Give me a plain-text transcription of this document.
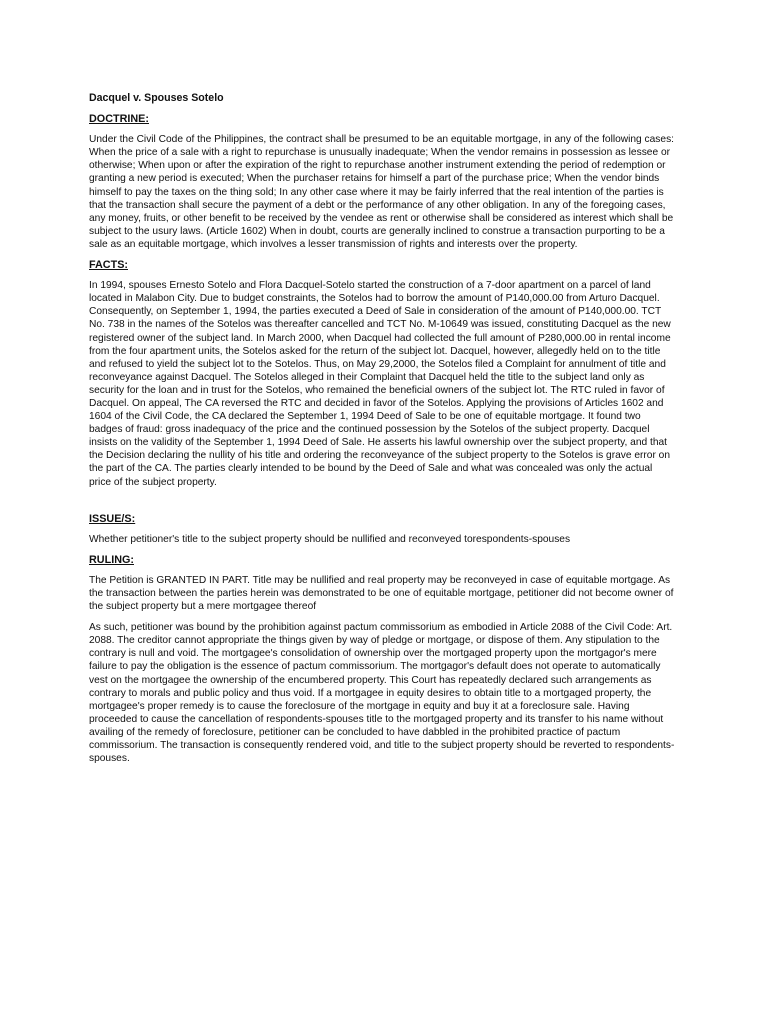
Dacquel v. Spouses Sotelo
DOCTRINE:

Under the Civil Code of the Philippines, the contract shall be presumed to be an equitable mortgage, in any of the following cases: When the price of a sale with a right to repurchase is unusually inadequate; When the vendor remains in possession as lessee or otherwise; When upon or after the expiration of the right to repurchase another instrument extending the period of redemption or granting a new period is executed; When the purchaser retains for himself a part of the purchase price; When the vendor binds himself to pay the taxes on the thing sold; In any other case where it may be fairly inferred that the real intention of the parties is that the transaction shall secure the payment of a debt or the performance of any other obligation. In any of the foregoing cases, any money, fruits, or other benefit to be received by the vendee as rent or otherwise shall be considered as interest which shall be subject to the usury laws. (Article 1602) When in doubt, courts are generally inclined to construe a transaction purporting to be a sale as an equitable mortgage, which involves a lesser transmission of rights and interests over the property.

FACTS:

In 1994, spouses Ernesto Sotelo and Flora Dacquel-Sotelo started the construction of a 7-door apartment on a parcel of land located in Malabon City. Due to budget constraints, the Sotelos had to borrow the amount of P140,000.00 from Arturo Dacquel. Consequently, on September 1, 1994, the parties executed a Deed of Sale in consideration of the amount of P140,000.00. TCT No. 738 in the names of the Sotelos was thereafter cancelled and TCT No. M-10649 was issued, constituting Dacquel as the new registered owner of the subject land. In March 2000, when Dacquel had collected the full amount of P280,000.00 in rental income from the four apartment units, the Sotelos asked for the return of the subject lot. Dacquel, however, allegedly held on to the title and refused to yield the subject lot to the Sotelos. Thus, on May 29,2000, the Sotelos filed a Complaint for annulment of title and reconveyance against Dacquel. The Sotelos alleged in their Complaint that Dacquel held the title to the subject land only as security for the loan and in trust for the Sotelos, who remained the beneficial owners of the subject lot. The RTC ruled in favor of Dacquel. On appeal, The CA reversed the RTC and decided in favor of the Sotelos. Applying the provisions of Articles 1602 and 1604 of the Civil Code, the CA declared the September 1, 1994 Deed of Sale to be one of equitable mortgage. It found two badges of fraud: gross inadequacy of the price and the continued possession by the Sotelos of the subject property. Dacquel insists on the validity of the September 1, 1994 Deed of Sale. He asserts his lawful ownership over the subject property, and that the Decision declaring the nullity of his title and ordering the reconveyance of the subject property to the Sotelos is grave error on the part of the CA. The parties clearly intended to be bound by the Deed of Sale and what was concealed was only the actual price of the subject property.

ISSUE/S:

Whether petitioner's title to the subject property should be nullified and reconveyed torespondents-spouses

RULING:

The Petition is GRANTED IN PART. Title may be nullified and real property may be reconveyed in case of equitable mortgage. As the transaction between the parties herein was demonstrated to be one of equitable mortgage, petitioner did not become owner of the subject property but a mere mortgagee thereof

As such, petitioner was bound by the prohibition against pactum commissorium as embodied in Article 2088 of the Civil Code: Art. 2088. The creditor cannot appropriate the things given by way of pledge or mortgage, or dispose of them. Any stipulation to the contrary is null and void. The mortgagee's consolidation of ownership over the mortgaged property upon the mortgagor's mere failure to pay the obligation is the essence of pactum commissorium. The mortgagor's default does not operate to automatically vest on the mortgagee the ownership of the encumbered property. This Court has repeatedly declared such arrangements as contrary to morals and public policy and thus void. If a mortgagee in equity desires to obtain title to a mortgaged property, the mortgagee's proper remedy is to cause the foreclosure of the mortgage in equity and buy it at a foreclosure sale. Having proceeded to cause the cancellation of respondents-spouses title to the mortgaged property and its transfer to his name without availing of the remedy of foreclosure, petitioner can be concluded to have dabbled in the prohibited practice of pactum commissorium. The transaction is consequently rendered void, and title to the subject property should be reverted to respondents-spouses.
